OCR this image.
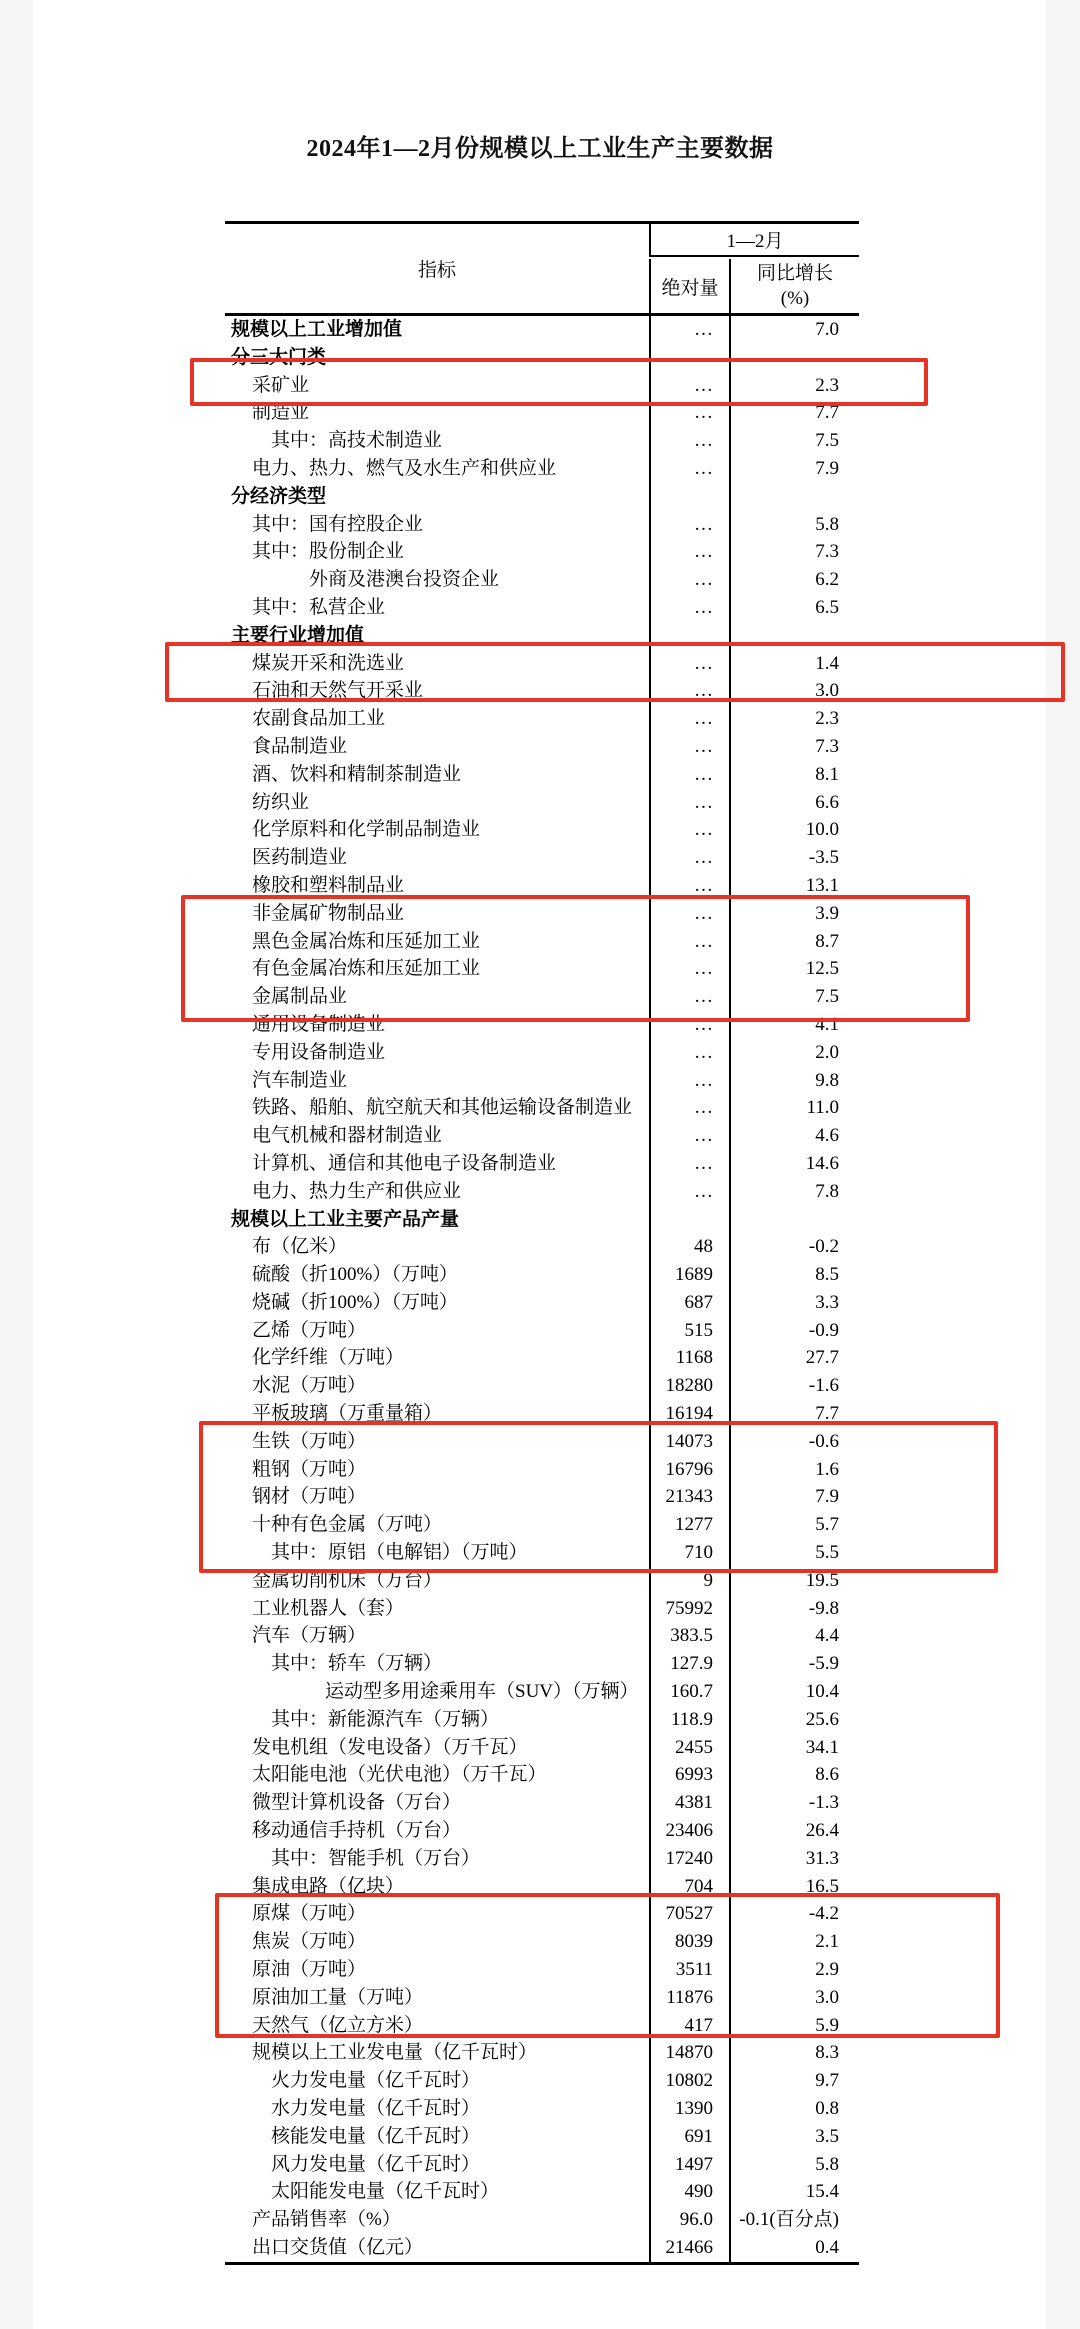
2024年1—2月份规模以上工业生产主要数据
指标
1—2月
绝对量
同比增长
(%)
规模以上工业增加值	…	7.0
分三大门类
采矿业	…	2.3
制造业	…	7.7
其中：高技术制造业	…	7.5
电力、热力、燃气及水生产和供应业	…	7.9
分经济类型
其中：国有控股企业	…	5.8
其中：股份制企业	…	7.3
外商及港澳台投资企业	…	6.2
其中：私营企业	…	6.5
主要行业增加值
煤炭开采和洗选业	…	1.4
石油和天然气开采业	…	3.0
农副食品加工业	…	2.3
食品制造业	…	7.3
酒、饮料和精制茶制造业	…	8.1
纺织业	…	6.6
化学原料和化学制品制造业	…	10.0
医药制造业	…	-3.5
橡胶和塑料制品业	…	13.1
非金属矿物制品业	…	3.9
黑色金属冶炼和压延加工业	…	8.7
有色金属冶炼和压延加工业	…	12.5
金属制品业	…	7.5
通用设备制造业	…	4.1
专用设备制造业	…	2.0
汽车制造业	…	9.8
铁路、船舶、航空航天和其他运输设备制造业	…	11.0
电气机械和器材制造业	…	4.6
计算机、通信和其他电子设备制造业	…	14.6
电力、热力生产和供应业	…	7.8
规模以上工业主要产品产量
布（亿米）	48	-0.2
硫酸（折100%）（万吨）	1689	8.5
烧碱（折100%）（万吨）	687	3.3
乙烯（万吨）	515	-0.9
化学纤维（万吨）	1168	27.7
水泥（万吨）	18280	-1.6
平板玻璃（万重量箱）	16194	7.7
生铁（万吨）	14073	-0.6
粗钢（万吨）	16796	1.6
钢材（万吨）	21343	7.9
十种有色金属（万吨）	1277	5.7
其中：原铝（电解铝）（万吨）	710	5.5
金属切削机床（万台）	9	19.5
工业机器人（套）	75992	-9.8
汽车（万辆）	383.5	4.4
其中：轿车（万辆）	127.9	-5.9
运动型多用途乘用车（SUV）（万辆）	160.7	10.4
其中：新能源汽车（万辆）	118.9	25.6
发电机组（发电设备）（万千瓦）	2455	34.1
太阳能电池（光伏电池）（万千瓦）	6993	8.6
微型计算机设备（万台）	4381	-1.3
移动通信手持机（万台）	23406	26.4
其中：智能手机（万台）	17240	31.3
集成电路（亿块）	704	16.5
原煤（万吨）	70527	-4.2
焦炭（万吨）	8039	2.1
原油（万吨）	3511	2.9
原油加工量（万吨）	11876	3.0
天然气（亿立方米）	417	5.9
规模以上工业发电量（亿千瓦时）	14870	8.3
火力发电量（亿千瓦时）	10802	9.7
水力发电量（亿千瓦时）	1390	0.8
核能发电量（亿千瓦时）	691	3.5
风力发电量（亿千瓦时）	1497	5.8
太阳能发电量（亿千瓦时）	490	15.4
产品销售率（%）	96.0	-0.1(百分点)
出口交货值（亿元）	21466	0.4
